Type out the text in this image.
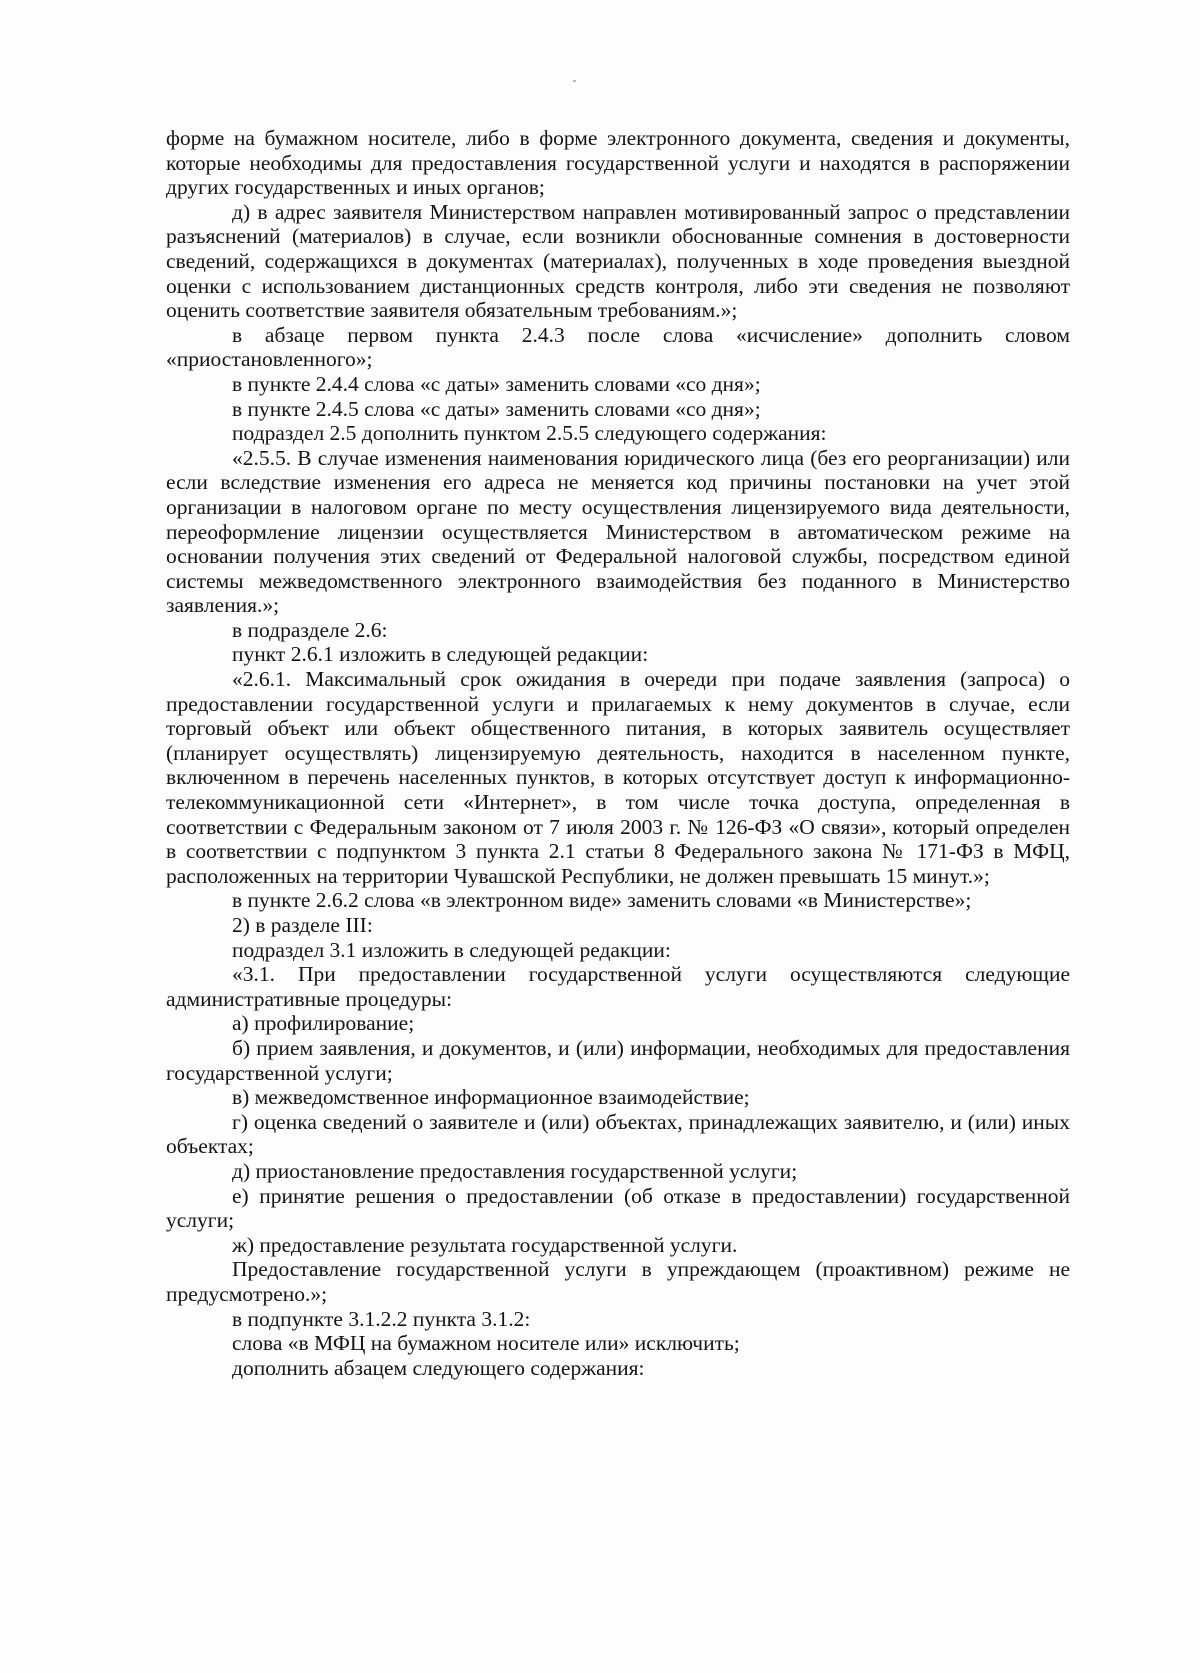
форме на бумажном носителе, либо в форме электронного документа, сведения и документы, которые необходимы для предоставления государственной услуги и находятся в распоряжении других государственных и иных органов;

д) в адрес заявителя Министерством направлен мотивированный запрос о представлении разъяснений (материалов) в случае, если возникли обоснованные сомнения в достоверности сведений, содержащихся в документах (материалах), полученных в ходе проведения выездной оценки с использованием дистанционных средств контроля, либо эти сведения не позволяют оценить соответствие заявителя обязательным требованиям.»;

в абзаце первом пункта 2.4.3 после слова «исчисление» дополнить словом «приостановленного»;

в пункте 2.4.4 слова «с даты» заменить словами «со дня»;

в пункте 2.4.5 слова «с даты» заменить словами «со дня»;

подраздел 2.5 дополнить пунктом 2.5.5 следующего содержания:

«2.5.5. В случае изменения наименования юридического лица (без его реорганизации) или если вследствие изменения его адреса не меняется код причины постановки на учет этой организации в налоговом органе по месту осуществления лицензируемого вида деятельности, переоформление лицензии осуществляется Министерством в автоматическом режиме на основании получения этих сведений от Федеральной налоговой службы, посредством единой системы межведомственного электронного взаимодействия без поданного в Министерство заявления.»;

в подразделе 2.6:

пункт 2.6.1 изложить в следующей редакции:

«2.6.1. Максимальный срок ожидания в очереди при подаче заявления (запроса) о предоставлении государственной услуги и прилагаемых к нему документов в случае, если торговый объект или объект общественного питания, в которых заявитель осуществляет (планирует осуществлять) лицензируемую деятельность, находится в населенном пункте, включенном в перечень населенных пунктов, в которых отсутствует доступ к информационно-телекоммуникационной сети «Интернет», в том числе точка доступа, определенная в соответствии с Федеральным законом от 7 июля 2003 г. № 126-ФЗ «О связи», который определен в соответствии с подпунктом 3 пункта 2.1 статьи 8 Федерального закона № 171-ФЗ в МФЦ, расположенных на территории Чувашской Республики, не должен превышать 15 минут.»;

в пункте 2.6.2 слова «в электронном виде» заменить словами «в Министерстве»;

2) в разделе III:

подраздел 3.1 изложить в следующей редакции:

«3.1. При предоставлении государственной услуги осуществляются следующие административные процедуры:

а) профилирование;

б) прием заявления, и документов, и (или) информации, необходимых для предоставления государственной услуги;

в) межведомственное информационное взаимодействие;

г) оценка сведений о заявителе и (или) объектах, принадлежащих заявителю, и (или) иных объектах;

д) приостановление предоставления государственной услуги;

е) принятие решения о предоставлении (об отказе в предоставлении) государственной услуги;

ж) предоставление результата государственной услуги.

Предоставление государственной услуги в упреждающем (проактивном) режиме не предусмотрено.»;

в подпункте 3.1.2.2 пункта 3.1.2:

слова «в МФЦ на бумажном носителе или» исключить;

дополнить абзацем следующего содержания:
